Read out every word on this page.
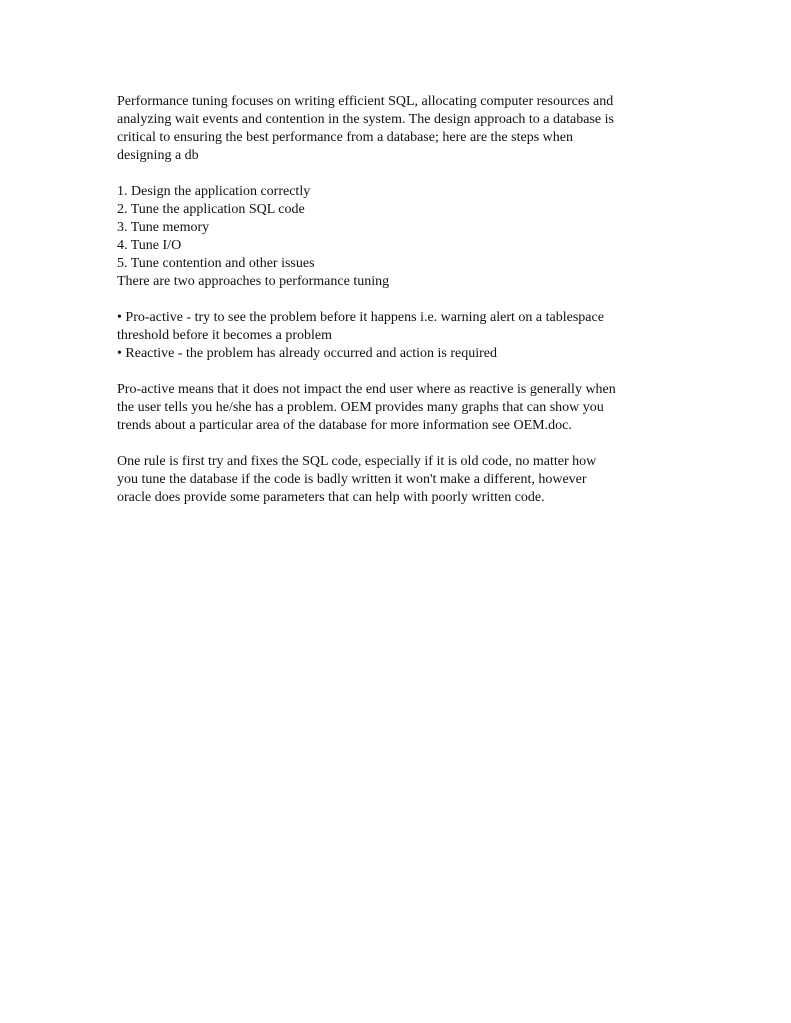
Performance tuning focuses on writing efficient SQL, allocating computer resources and
analyzing wait events and contention in the system. The design approach to a database is
critical to ensuring the best performance from a database; here are the steps when
designing a db

1. Design the application correctly
2. Tune the application SQL code
3. Tune memory
4. Tune I/O
5. Tune contention and other issues
There are two approaches to performance tuning
• Pro-active - try to see the problem before it happens i.e. warning alert on a tablespace
threshold before it becomes a problem
• Reactive - the problem has already occurred and action is required

Pro-active means that it does not impact the end user where as reactive is generally when
the user tells you he/she has a problem. OEM provides many graphs that can show you
trends about a particular area of the database for more information see OEM.doc.

One rule is first try and fixes the SQL code, especially if it is old code, no matter how
you tune the database if the code is badly written it won't make a different, however
oracle does provide some parameters that can help with poorly written code.
